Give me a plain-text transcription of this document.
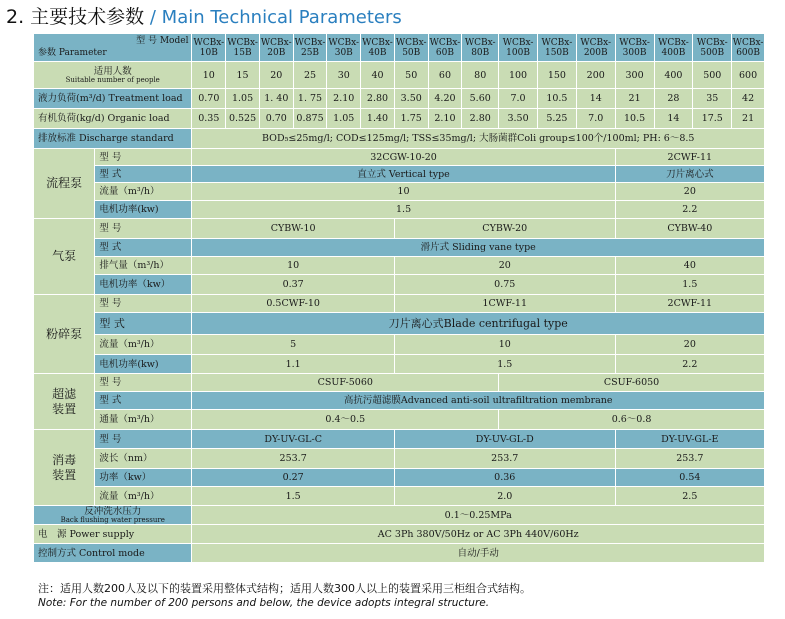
2. 主要技术参数 / Main Technical Parameters
型 号 Model
参数 Parameter		WCBx-10B	WCBx-15B	WCBx-20B	WCBx-25B	WCBx-30B	WCBx-40B	WCBx-50B	WCBx-60B	WCBx-80B	WCBx-100B	WCBx-150B	WCBx-200B	WCBx-300B	WCBx-400B	WCBx-500B	WCBx-600B

适用人数
Suitable number of people		10	15	20	25	30	40	50	60	80	100	150	200	300	400	500	600
液力负荷(m³/d) Treatment load		0.70	1.05	1. 40	1. 75	2.10	2.80	3.50	4.20	5.60	7.0	10.5	14	21	28	35	42
有机负荷(kg/d) Organic load		0.35	0.525	0.70	0.875	1.05	1.40	1.75	2.10	2.80	3.50	5.25	7.0	10.5	14	17.5	21
排放标准 Discharge standard		BOD₅≤25mg/l; COD≤125mg/l; TSS≤35mg/l; 大肠菌群Coli group≤100个/100ml; PH: 6～8.5															
流程泵	型 号	32CGW-10-20												2CWF-11			
	型 式	直立式 Vertical type												刀片离心式			
	流量（m³/h）	10												20			
	电机功率(kw)	1.5												2.2			
气泵	型 号	CYBW-10						CYBW-20						CYBW-40			
	型 式	滑片式 Sliding vane type															
	排气量（m³/h）	10						20						40			
	电机功率（kw）	0.37						0.75						1.5			
粉碎泵	型 号	0.5CWF-10						1CWF-11						2CWF-11			
	型 式	刀片离心式Blade centrifugal type															
	流量（m³/h）	5						10						20			
	电机功率(kw)	1.1						1.5						2.2			

超滤
装置	型 号	CSUF-5060									CSUF-6050						
	型 式	高抗污超滤膜Advanced anti-soil ultrafiltration membrane															
	通量（m³/h）	0.4～0.5									0.6～0.8						

消毒
装置	型 号	DY-UV-GL-C						DY-UV-GL-D						DY-UV-GL-E			
	波长（nm）	253.7						253.7						253.7			
	功率（kw）	0.27						0.36						0.54			
	流量（m³/h）	1.5						2.0						2.5			

反冲洗水压力
Back flushing water pressure		0.1～0.25MPa															
电　源 Power supply		AC 3Ph 380V/50Hz or AC 3Ph 440V/60Hz															
控制方式 Control mode		自动/手动															
注：适用人数200人及以下的装置采用整体式结构；适用人数300人以上的装置采用三柜组合式结构。
Note: For the number of 200 persons and below, the device adopts integral structure.
